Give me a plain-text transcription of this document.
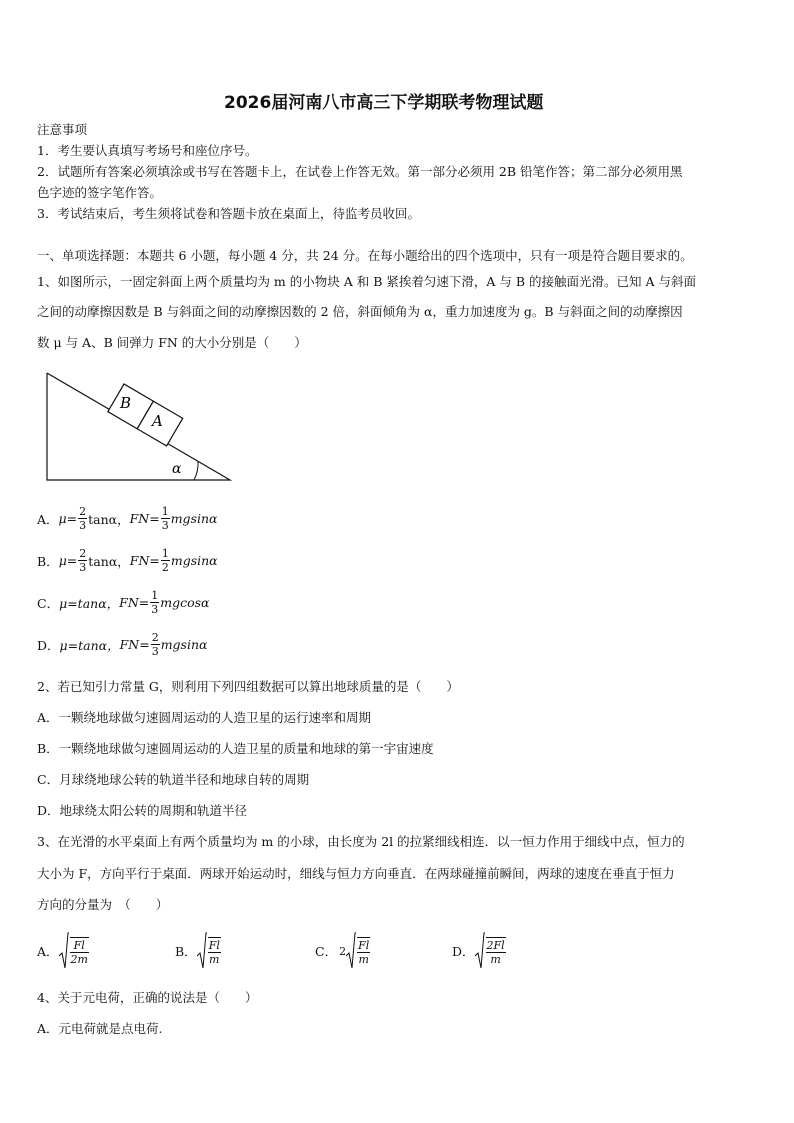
2026届河南八市高三下学期联考物理试题
注意事项
1．考生要认真填写考场号和座位序号。
2．试题所有答案必须填涂或书写在答题卡上，在试卷上作答无效。第一部分必须用 2B 铅笔作答；第二部分必须用黑
色字迹的签字笔作答。
3．考试结束后，考生须将试卷和答题卡放在桌面上，待监考员收回。
一、单项选择题：本题共 6 小题，每小题 4 分，共 24 分。在每小题给出的四个选项中，只有一项是符合题目要求的。
1、如图所示，一固定斜面上两个质量均为 m 的小物块 A 和 B 紧挨着匀速下滑，A 与 B 的接触面光滑。已知 A 与斜面
之间的动摩擦因数是 B 与斜面之间的动摩擦因数的 2 倍，斜面倾角为 α，重力加速度为 g。B 与斜面之间的动摩擦因
数 μ 与 A、B 间弹力 FN 的大小分别是（　　）
B
A
α
A． $\mu= \frac{2}{3}$ tanα， $FN= \frac{1}{3}$ mgsinα
B． $\mu= \frac{2}{3}$ tanα， $FN= \frac{1}{2}$ mgsinα
C． μ=tanα， $FN= \frac{1}{3}$ mgcosα
D． μ=tanα， $FN= \frac{2}{3}$ mgsinα
2、若已知引力常量 G，则利用下列四组数据可以算出地球质量的是（　　）
A．一颗绕地球做匀速圆周运动的人造卫星的运行速率和周期
B．一颗绕地球做匀速圆周运动的人造卫星的质量和地球的第一宇宙速度
C．月球绕地球公转的轨道半径和地球自转的周期
D．地球绕太阳公转的周期和轨道半径
3、在光滑的水平桌面上有两个质量均为 m 的小球，由长度为 2l 的拉紧细线相连．以一恒力作用于细线中点，恒力的
大小为 F，方向平行于桌面．两球开始运动时，细线与恒力方向垂直．在两球碰撞前瞬间，两球的速度在垂直于恒力
方向的分量为　（　　）
A． $\frac{Fl}{2m}$	B． $\frac{Fl}{m}$	C． $2 \frac{Fl}{m}$	D． $\frac{2Fl}{m}$
4、关于元电荷，正确的说法是（　　）
A．元电荷就是点电荷.
